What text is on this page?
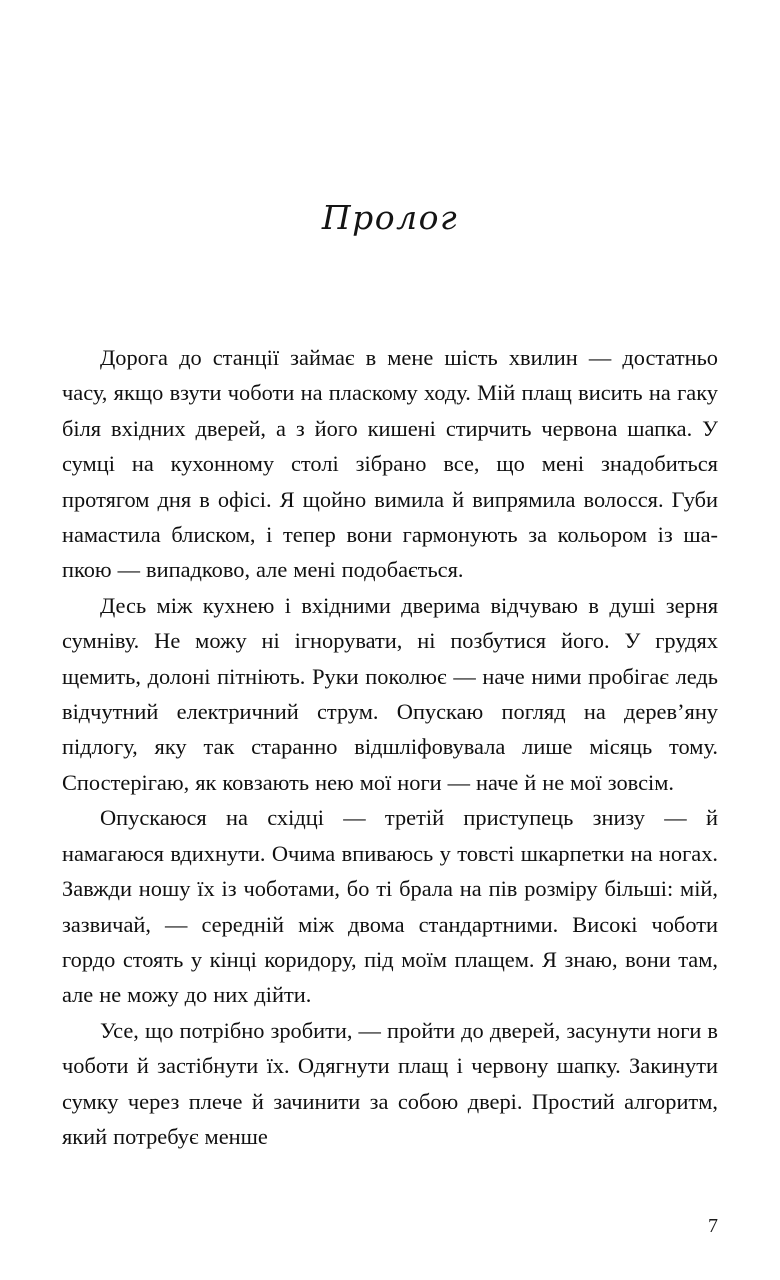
Пролог

Дорога до станції займає в мене шість хвилин — достатньо часу, якщо взути чоботи на пласкому ходу. Мій плащ висить на гаку біля вхідних дверей, а з його кишені стирчить червона шапка. У сумці на кухонному столі зібрано все, що мені знадобиться протягом дня в офісі. Я щойно вимила й випрямила волосся. Губи намастила блиском, і тепер вони гармонують за кольором із шапкою — випадково, але мені подобається.

Десь між кухнею і вхідними дверима відчуваю в душі зерня сумніву. Не можу ні ігнорувати, ні позбутися його. У грудях щемить, долоні пітніють. Руки поколює — наче ними пробігає ледь відчутний електричний струм. Опускаю погляд на дерев’яну підлогу, яку так старанно відшліфовувала лише місяць тому. Спостерігаю, як ковзають нею мої ноги — наче й не мої зовсім.

Опускаюся на східці — третій приступець знизу — й намагаюся вдихнути. Очима впиваюсь у товсті шкарпетки на ногах. Завжди ношу їх із чоботами, бо ті брала на пів розміру більші: мій, зазвичай, — середній між двома стандартними. Високі чоботи гордо стоять у кінці коридору, під моїм плащем. Я знаю, вони там, але не можу до них дійти.

Усе, що потрібно зробити, — пройти до дверей, засунути ноги в чоботи й застібнути їх. Одягнути плащ і червону шапку. Закинути сумку через плече й зачинити за собою двері. Простий алгоритм, який потребує менше

7
